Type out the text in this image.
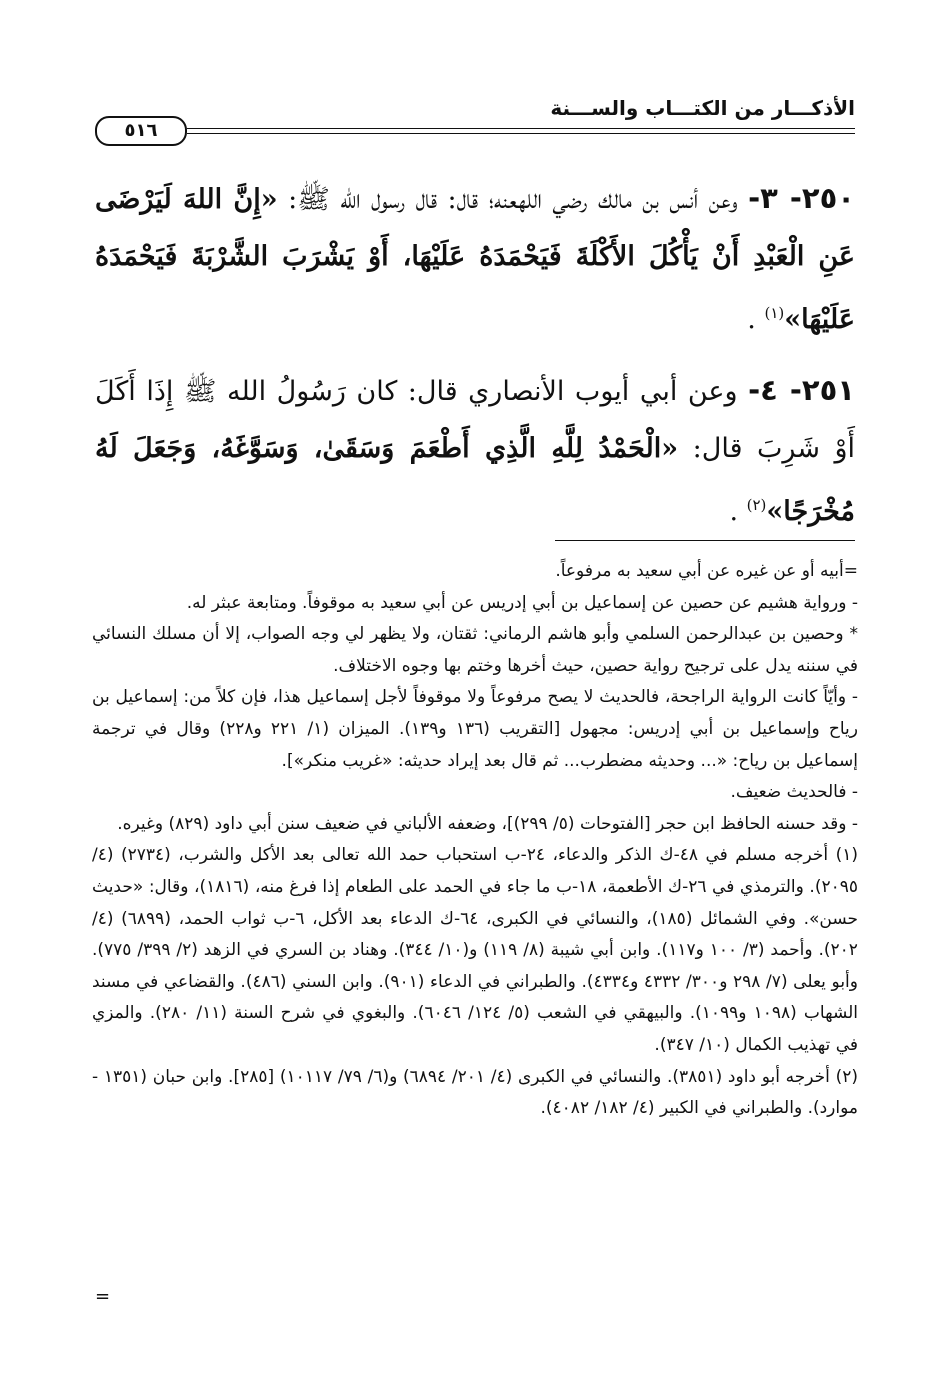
الأذكـــار من الكتـــاب والســـنة
٥١٦

٢٥٠- ٣- وعن أنس بن مالك رضي اللهعنه؛ قال: قال رسول الله ﷺ: «إِنَّ اللهَ لَيَرْضَى عَنِ الْعَبْدِ أَنْ يَأْكُلَ الأَكْلَةَ فَيَحْمَدَهُ عَلَيْهَا، أَوْ يَشْرَبَ الشَّرْبَةَ فَيَحْمَدَهُ عَلَيْهَا»$^{(١)}$ .

٢٥١- ٤- وعن أبي أيوب الأنصاري قال: كان رَسُولُ الله ﷺ إِذَا أَكَلَ أَوْ شَرِبَ قال: «الْحَمْدُ لِلَّهِ الَّذِي أَطْعَمَ وَسَقَىٰ، وَسَوَّغَهُ، وَجَعَلَ لَهُ مُخْرَجًا»$^{(٢)}$ .

=أبيه أو عن غيره عن أبي سعيد به مرفوعاً.

- ورواية هشيم عن حصين عن إسماعيل بن أبي إدريس عن أبي سعيد به موقوفاً. ومتابعة عبثر له.

* وحصين بن عبدالرحمن السلمي وأبو هاشم الرماني: ثقتان، ولا يظهر لي وجه الصواب، إلا أن مسلك النسائي في سننه يدل على ترجيح رواية حصين، حيث أخرها وختم بها وجوه الاختلاف.

- وأيّاً كانت الرواية الراجحة، فالحديث لا يصح مرفوعاً ولا موقوفاً لأجل إسماعيل هذا، فإن كلاً من: إسماعيل بن رياح وإسماعيل بن أبي إدريس: مجهول [التقريب (١٣٦ و١٣٩). الميزان (١/ ٢٢١ و٢٢٨) وقال في ترجمة إسماعيل بن رياح: «... وحديثه مضطرب... ثم قال بعد إيراد حديثه: «غريب منكر»].

- فالحديث ضعيف.

- وقد حسنه الحافظ ابن حجر [الفتوحات (٥/ ٢٩٩)]، وضعفه الألباني في ضعيف سنن أبي داود (٨٢٩) وغيره.

(١) أخرجه مسلم في ٤٨-ك الذكر والدعاء، ٢٤-ب استحباب حمد الله تعالى بعد الأكل والشرب، (٢٧٣٤) (٤/ ٢٠٩٥). والترمذي في ٢٦-ك الأطعمة، ١٨-ب ما جاء في الحمد على الطعام إذا فرغ منه، (١٨١٦)، وقال: «حديث حسن». وفي الشمائل (١٨٥)، والنسائي في الكبرى، ٦٤-ك الدعاء بعد الأكل، ٦-ب ثواب الحمد، (٦٨٩٩) (٤/ ٢٠٢). وأحمد (٣/ ١٠٠ و١١٧). وابن أبي شيبة (٨/ ١١٩) و(١٠/ ٣٤٤). وهناد بن السري في الزهد (٢/ ٣٩٩/ ٧٧٥). وأبو يعلى (٧/ ٢٩٨ و٣٠٠/ ٤٣٣٢ و٤٣٣٤). والطبراني في الدعاء (٩٠١). وابن السني (٤٨٦). والقضاعي في مسند الشهاب (١٠٩٨ و١٠٩٩). والبيهقي في الشعب (٥/ ١٢٤/ ٦٠٤٦). والبغوي في شرح السنة (١١/ ٢٨٠). والمزي في تهذيب الكمال (١٠/ ٣٤٧).

(٢) أخرجه أبو داود (٣٨٥١). والنسائي في الكبرى (٤/ ٢٠١/ ٦٨٩٤) و(٦/ ٧٩/ ١٠١١٧) [٢٨٥]. وابن حبان (١٣٥١ - موارد). والطبراني في الكبير (٤/ ١٨٢/ ٤٠٨٢).

=
